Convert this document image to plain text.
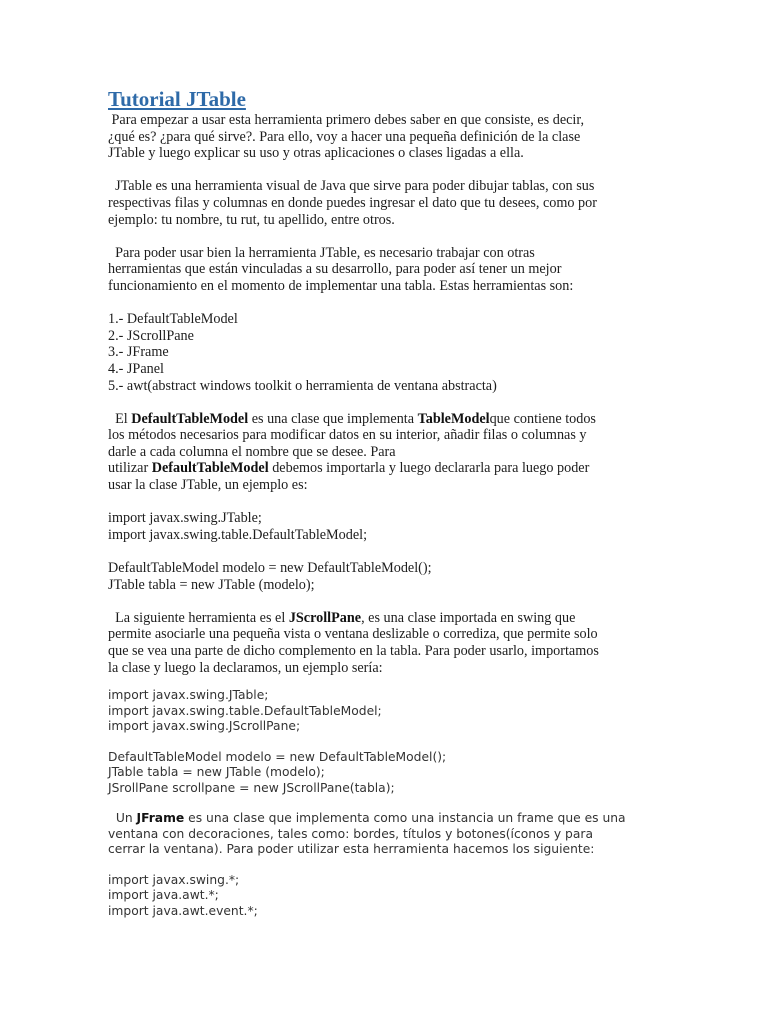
Tutorial JTable

Para empezar a usar esta herramienta primero debes saber en que consiste, es decir,

¿qué es? ¿para qué sirve?. Para ello, voy a hacer una pequeña definición de la clase

JTable y luego explicar su uso y otras aplicaciones o clases ligadas a ella.

JTable es una herramienta visual de Java que sirve para poder dibujar tablas, con sus

respectivas filas y columnas en donde puedes ingresar el dato que tu desees, como por

ejemplo: tu nombre, tu rut, tu apellido, entre otros.

Para poder usar bien la herramienta JTable, es necesario trabajar con otras

herramientas que están vinculadas a su desarrollo, para poder así tener un mejor

funcionamiento en el momento de implementar una tabla. Estas herramientas son:

1.- DefaultTableModel

2.- JScrollPane

3.- JFrame

4.- JPanel

5.- awt(abstract windows toolkit o herramienta de ventana abstracta)

El DefaultTableModel es una clase que implementa TableModelque contiene todos

los métodos necesarios para modificar datos en su interior, añadir filas o columnas y

darle a cada columna el nombre que se desee. Para

utilizar DefaultTableModel debemos importarla y luego declararla para luego poder

usar la clase JTable, un ejemplo es:

import javax.swing.JTable;

import javax.swing.table.DefaultTableModel;

DefaultTableModel modelo = new DefaultTableModel();

JTable tabla = new JTable (modelo);

La siguiente herramienta es el JScrollPane, es una clase importada en swing que

permite asociarle una pequeña vista o ventana deslizable o corrediza, que permite solo

que se vea una parte de dicho complemento en la tabla. Para poder usarlo, importamos

la clase y luego la declaramos, un ejemplo sería:

import javax.swing.JTable;

import javax.swing.table.DefaultTableModel;

import javax.swing.JScrollPane;

DefaultTableModel modelo = new DefaultTableModel();

JTable tabla = new JTable (modelo);

JSrollPane scrollpane = new JScrollPane(tabla);

Un JFrame es una clase que implementa como una instancia un frame que es una

ventana con decoraciones, tales como: bordes, títulos y botones(íconos y para

cerrar la ventana). Para poder utilizar esta herramienta hacemos los siguiente:

import javax.swing.*;

import java.awt.*;

import java.awt.event.*;
